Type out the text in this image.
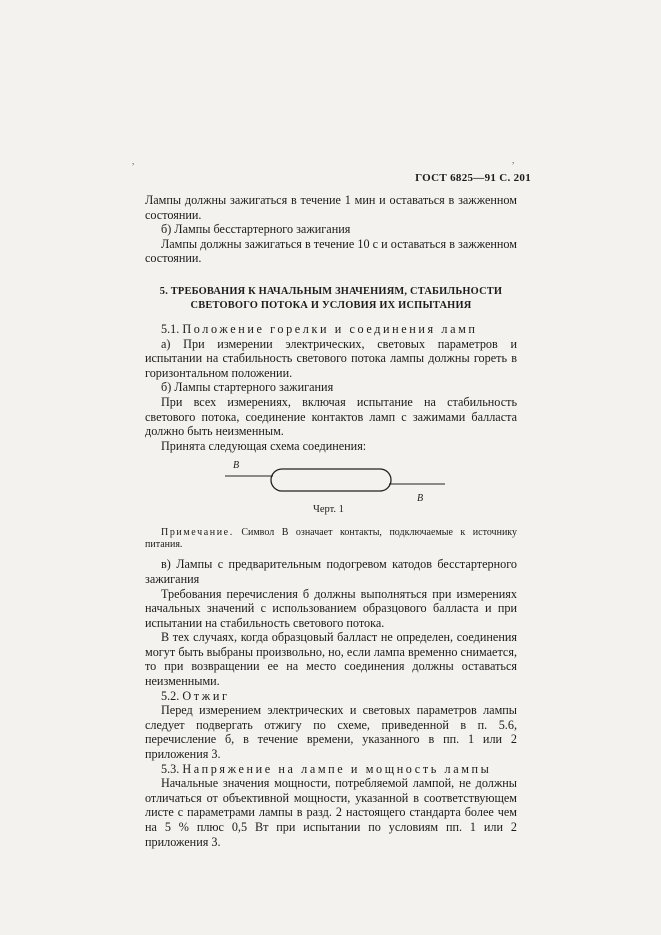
,	,
ГОСТ 6825—91 С. 201

Лампы должны зажигаться в течение 1 мин и оставаться в зажженном состоянии.

б) Лампы бесстартерного зажигания

Лампы должны зажигаться в течение 10 с и оставаться в зажженном состоянии.

5. ТРЕБОВАНИЯ К НАЧАЛЬНЫМ ЗНАЧЕНИЯМ, СТАБИЛЬНОСТИ
СВЕТОВОГО ПОТОКА И УСЛОВИЯ ИХ ИСПЫТАНИЯ

5.1. Положение горелки и соединения ламп

а) При измерении электрических, световых параметров и испытании на стабильность светового потока лампы должны гореть в горизонтальном положении.

б) Лампы стартерного зажигания

При всех измерениях, включая испытание на стабильность светового потока, соединение контактов ламп с зажимами балласта должно быть неизменным.

Принята следующая схема соединения:

B
B
Черт. 1

Примечание. Символ В означает контакты, подключаемые к источнику питания.

в) Лампы с предварительным подогревом катодов бесстартерного зажигания

Требования перечисления б должны выполняться при измерениях начальных значений с использованием образцового балласта и при испытании на стабильность светового потока.

В тех случаях, когда образцовый балласт не определен, соединения могут быть выбраны произвольно, но, если лампа временно снимается, то при возвращении ее на место соединения должны оставаться неизменными.

5.2. Отжиг

Перед измерением электрических и световых параметров лампы следует подвергать отжигу по схеме, приведенной в п. 5.6, перечисление б, в течение времени, указанного в пп. 1 или 2 приложения 3.

5.3. Напряжение на лампе и мощность лампы

Начальные значения мощности, потребляемой лампой, не должны отличаться от объективной мощности, указанной в соответствующем листе с параметрами лампы в разд. 2 настоящего стандарта более чем на 5 % плюс 0,5 Вт при испытании по условиям пп. 1 или 2 приложения 3.
